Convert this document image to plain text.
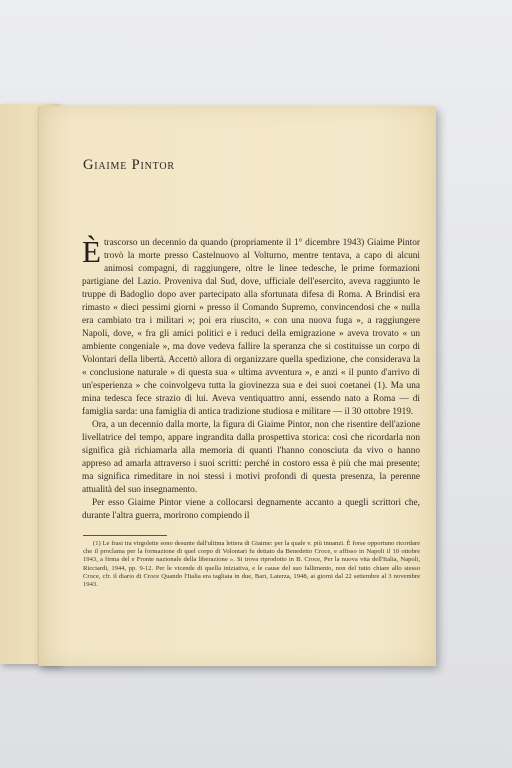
Giaime Pintor

Ètrascorso un decennio da quando (propriamente il 1° dicembre 1943) Giaime Pintor trovò la morte presso Castelnuovo al Volturno, mentre tentava, a capo di alcuni animosi compagni, di raggiungere, oltre le linee tedesche, le prime formazioni partigiane del Lazio. Proveniva dal Sud, dove, ufficiale dell'esercito, aveva raggiunto le truppe di Badoglio dopo aver partecipato alla sfortunata difesa di Roma. A Brindisi era rimasto « dieci pessimi giorni » presso il Comando Supremo, convincendosi che « nulla era cambiato tra i militari »; poi era riuscito, « con una nuova fuga », a raggiungere Napoli, dove, « fra gli amici politici e i reduci della emigrazione » aveva trovato « un ambiente congeniale », ma dove vedeva fallire la speranza che si costituisse un corpo di Volontari della libertà. Accettò allora di organizzare quella spedizione, che considerava la « conclusione naturale » di questa sua « ultima avventura », e anzi « il punto d'arrivo di un'esperienza » che coinvolgeva tutta la giovinezza sua e dei suoi coetanei (1). Ma una mina tedesca fece strazio di lui. Aveva ventiquattro anni, essendo nato a Roma — di famiglia sarda: una famiglia di antica tradizione studiosa e militare — il 30 ottobre 1919.

Ora, a un decennio dalla morte, la figura di Giaime Pintor, non che risentire dell'azione livellatrice del tempo, appare ingrandita dalla prospettiva storica: così che ricordarla non significa già richiamarla alla memoria di quanti l'hanno conosciuta da vivo o hanno appreso ad amarla attraverso i suoi scritti: perché in costoro essa è più che mai presente; ma significa rimeditare in noi stessi i motivi profondi di questa presenza, la perenne attualità del suo insegnamento.

Per esso Giaime Pintor viene a collocarsi degnamente accanto a quegli scrittori che, durante l'altra guerra, morirono compiendo il

(1) Le frasi tra virgolette sono desunte dall'ultima lettera di Giaime: per la quale v. più innanzi. È forse opportuno ricordare che il proclama per la formazione di quel corpo di Volontari fu dettato da Benedetto Croce, e affisso in Napoli il 10 ottobre 1943, a firma del e Fronte nazionale della liberazione ». Si trova riprodotto in B. Croce, Per la nuova vita dell'Italia, Napoli, Ricciardi, 1944, pp. 9-12. Per le vicende di quella iniziativa, e le cause del suo fallimento, non del tutto chiare allo stesso Croce, cfr. il diario di Croce Quando l'Italia era tagliata in due, Bari, Laterza, 1948, ai giorni dal 22 settembre al 3 novembre 1943.
